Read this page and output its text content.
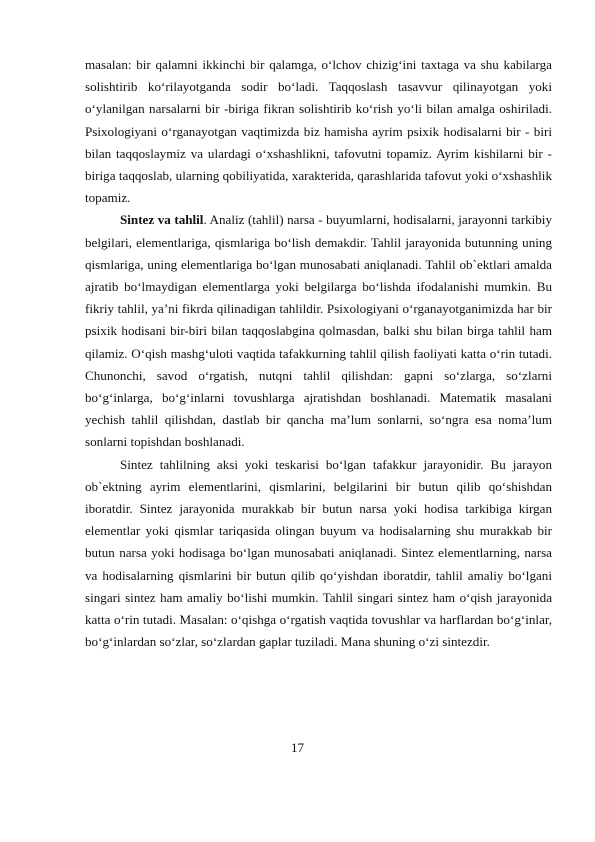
masalan: bir qalamni ikkinchi bir qalamga, o‘lchov chizig‘ini taxtaga va shu kabilarga solishtirib ko‘rilayotganda sodir bo‘ladi. Taqqoslash tasavvur qilinayotgan yoki o‘ylanilgan narsalarni bir -biriga fikran solishtirib ko‘rish yo‘li bilan amalga oshiriladi. Psixologiyani o‘rganayotgan vaqtimizda biz hamisha ayrim psixik hodisalarni bir - biri bilan taqqoslaymiz va ulardagi o‘xshashlikni, tafovutni topamiz. Ayrim kishilarni bir -biriga taqqoslab, ularning qobiliyatida, xarakterida, qarashlarida tafovut yoki o‘xshashlik topamiz.

Sintez va tahlil. Analiz (tahlil) narsa - buyumlarni, hodisalarni, jarayonni tarkibiy belgilari, elementlariga, qismlariga bo‘lish demakdir. Tahlil jarayonida butunning uning qismlariga, uning elementlariga bo‘lgan munosabati aniqlanadi. Tahlil ob`ektlari amalda ajratib bo‘lmaydigan elementlarga yoki belgilarga bo‘lishda ifodalanishi mumkin. Bu fikriy tahlil, ya’ni fikrda qilinadigan tahlildir. Psixologiyani o‘rganayotganimizda har bir psixik hodisani bir-biri bilan taqqoslabgina qolmasdan, balki shu bilan birga tahlil ham qilamiz. O‘qish mashg‘uloti vaqtida tafakkurning tahlil qilish faoliyati katta o‘rin tutadi. Chunonchi, savod o‘rgatish, nutqni tahlil qilishdan: gapni so‘zlarga, so‘zlarni bo‘g‘inlarga, bo‘g‘inlarni tovushlarga ajratishdan boshlanadi. Matematik masalani yechish tahlil qilishdan, dastlab bir qancha ma’lum sonlarni, so‘ngra esa noma’lum sonlarni topishdan boshlanadi.

Sintez tahlilning aksi yoki teskarisi bo‘lgan tafakkur jarayonidir. Bu jarayon ob`ektning ayrim elementlarini, qismlarini, belgilarini bir butun qilib qo‘shishdan iboratdir. Sintez jarayonida murakkab bir butun narsa yoki hodisa tarkibiga kirgan elementlar yoki qismlar tariqasida olingan buyum va hodisalarning shu murakkab bir butun narsa yoki hodisaga bo‘lgan munosabati aniqlanadi. Sintez elementlarning, narsa va hodisalarning qismlarini bir butun qilib qo‘yishdan iboratdir, tahlil amaliy bo‘lgani singari sintez ham amaliy bo‘lishi mumkin. Tahlil singari sintez ham o‘qish jarayonida katta o‘rin tutadi. Masalan: o‘qishga o‘rgatish vaqtida tovushlar va harflardan bo‘g‘inlar, bo‘g‘inlardan so‘zlar, so‘zlardan gaplar tuziladi. Mana shuning o‘zi sintezdir.

17
